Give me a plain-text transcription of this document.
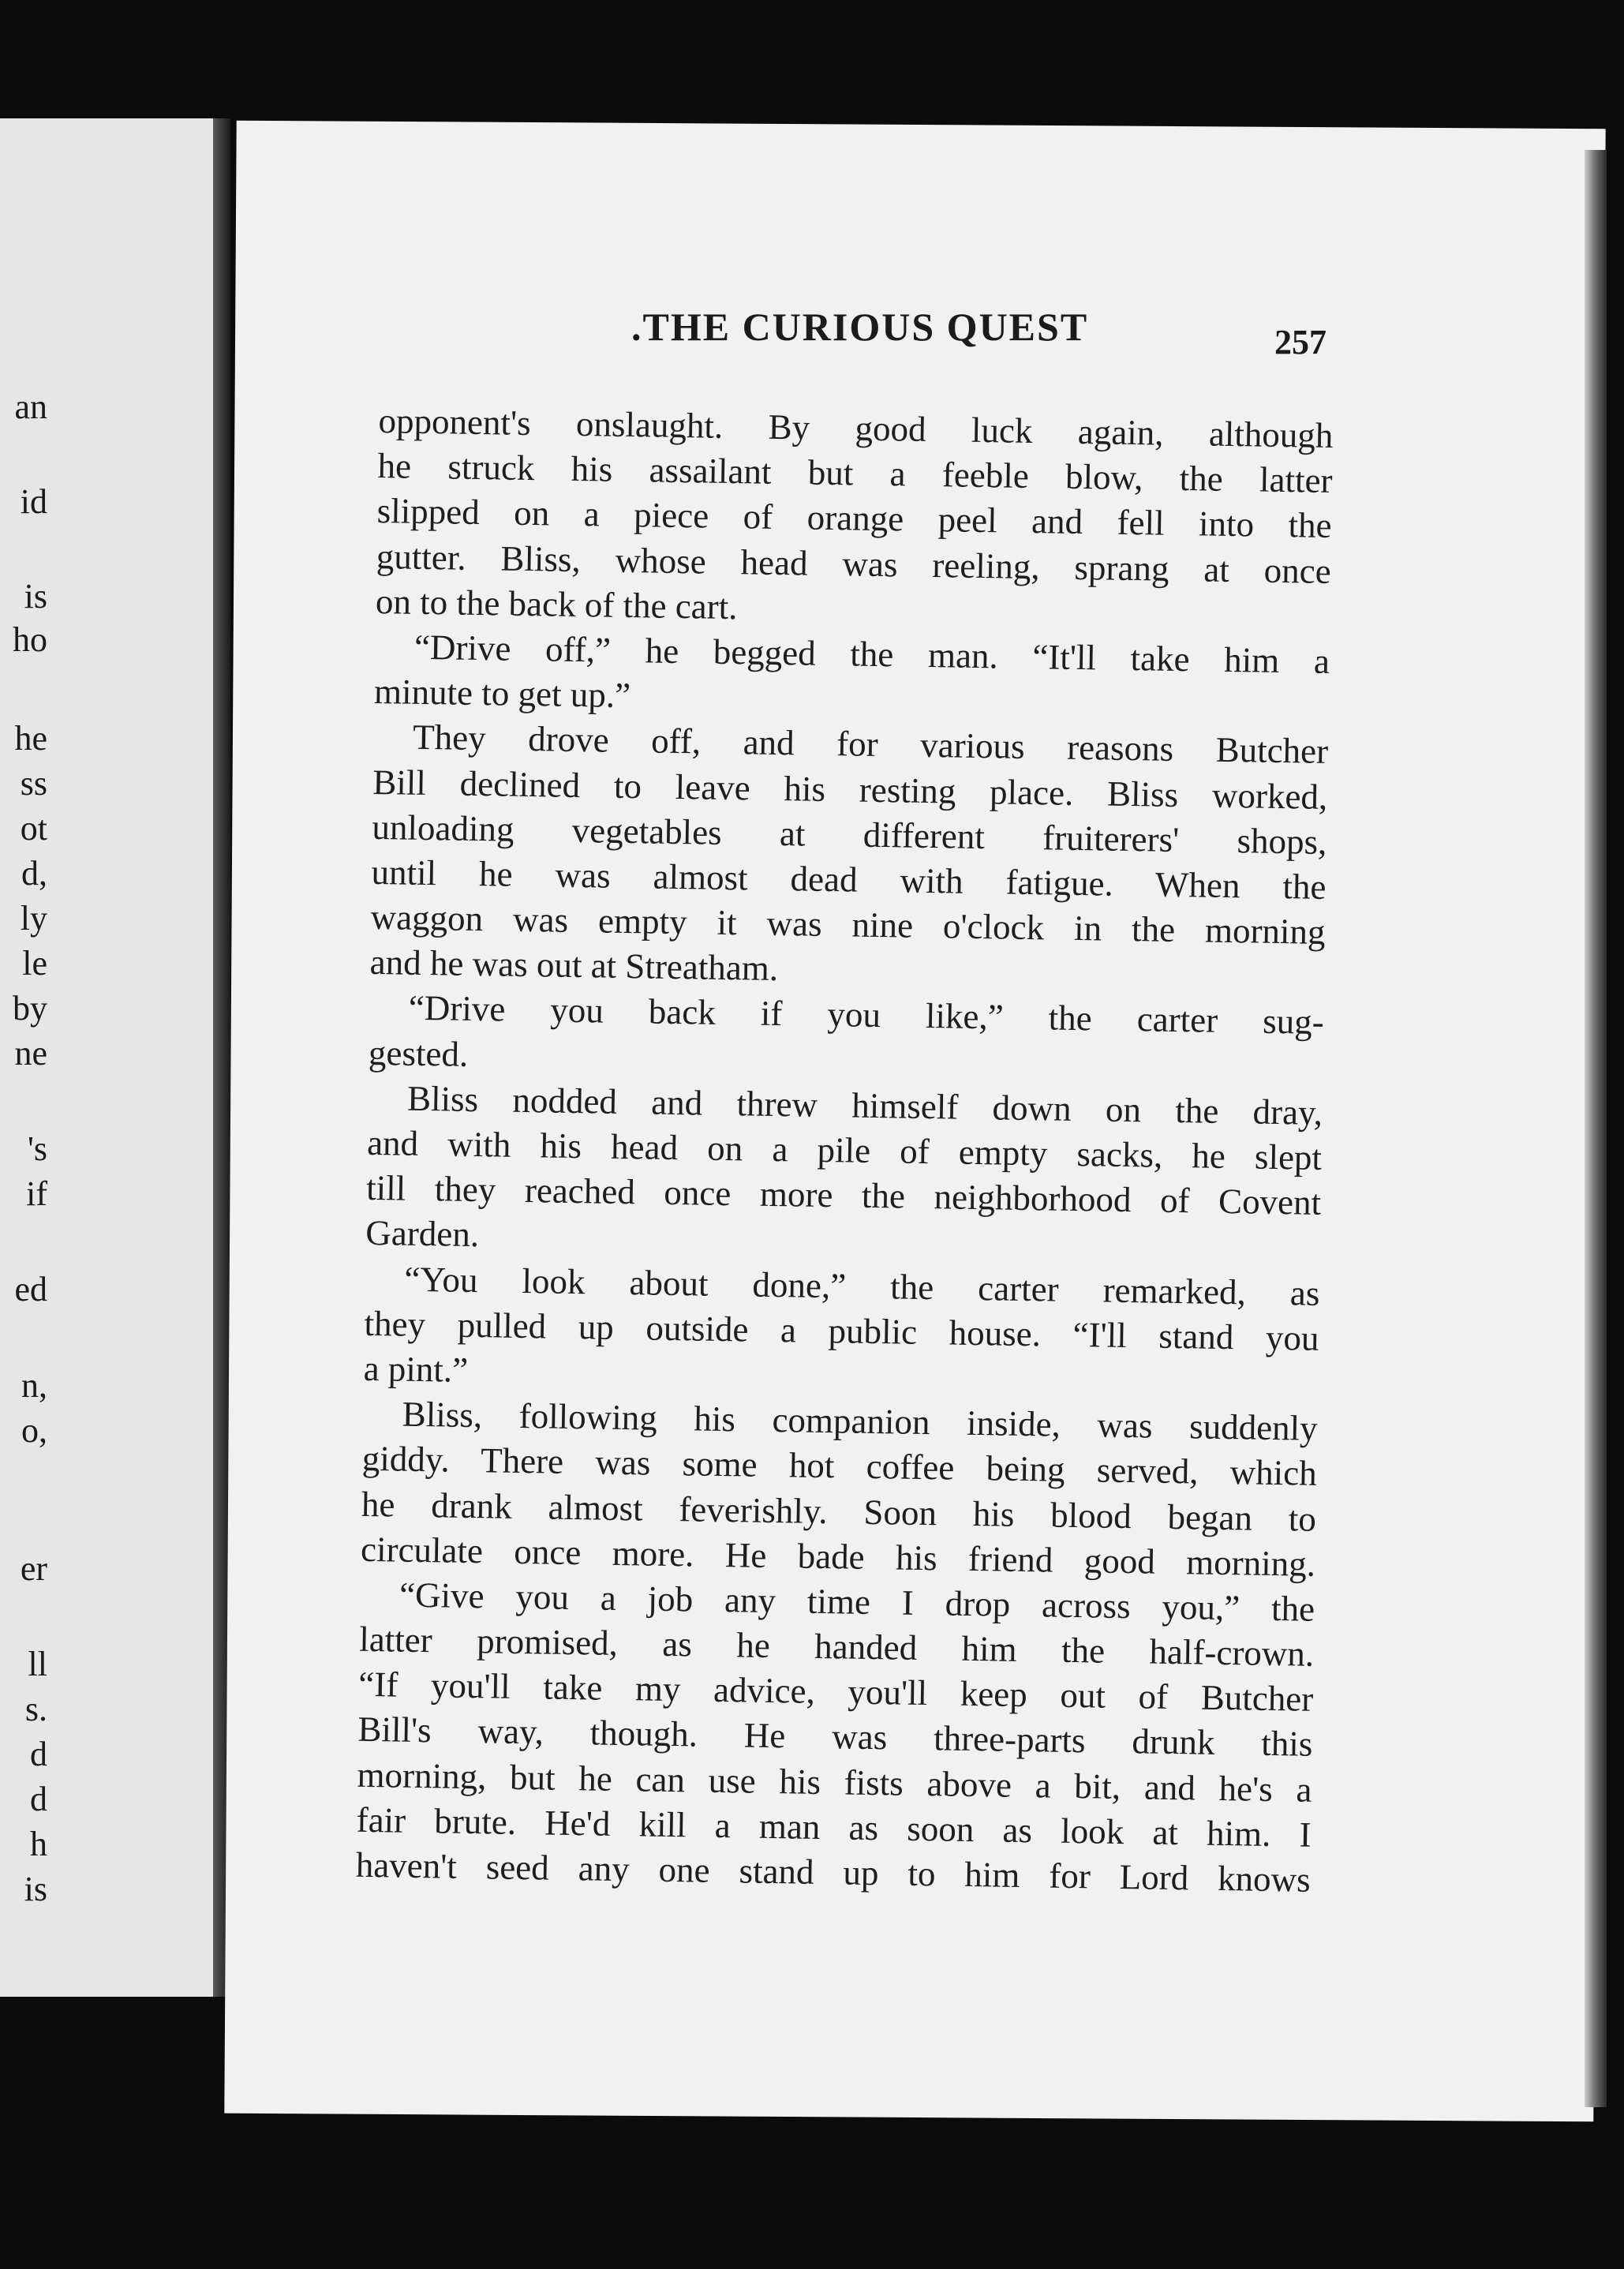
an
id
is
ho
he
ss
ot
d,
ly
le
by
ne
's
if
ed
n,
o,
er
ll
s.
d
d
h
is
.THE CURIOUS QUEST	257
opponent's onslaught. By good luck again, although
he struck his assailant but a feeble blow, the latter
slipped on a piece of orange peel and fell into the
gutter. Bliss, whose head was reeling, sprang at once
on to the back of the cart.
“Drive off,” he begged the man. “It'll take him a
minute to get up.”
They drove off, and for various reasons Butcher
Bill declined to leave his resting place. Bliss worked,
unloading vegetables at different fruiterers' shops,
until he was almost dead with fatigue. When the
waggon was empty it was nine o'clock in the morning
and he was out at Streatham.
“Drive you back if you like,” the carter sug-
gested.
Bliss nodded and threw himself down on the dray,
and with his head on a pile of empty sacks, he slept
till they reached once more the neighborhood of Covent
Garden.
“You look about done,” the carter remarked, as
they pulled up outside a public house. “I'll stand you
a pint.”
Bliss, following his companion inside, was suddenly
giddy. There was some hot coffee being served, which
he drank almost feverishly. Soon his blood began to
circulate once more. He bade his friend good morning.
“Give you a job any time I drop across you,” the
latter promised, as he handed him the half-crown.
“If you'll take my advice, you'll keep out of Butcher
Bill's way, though. He was three-parts drunk this
morning, but he can use his fists above a bit, and he's a
fair brute. He'd kill a man as soon as look at him. I
haven't seed any one stand up to him for Lord knows
